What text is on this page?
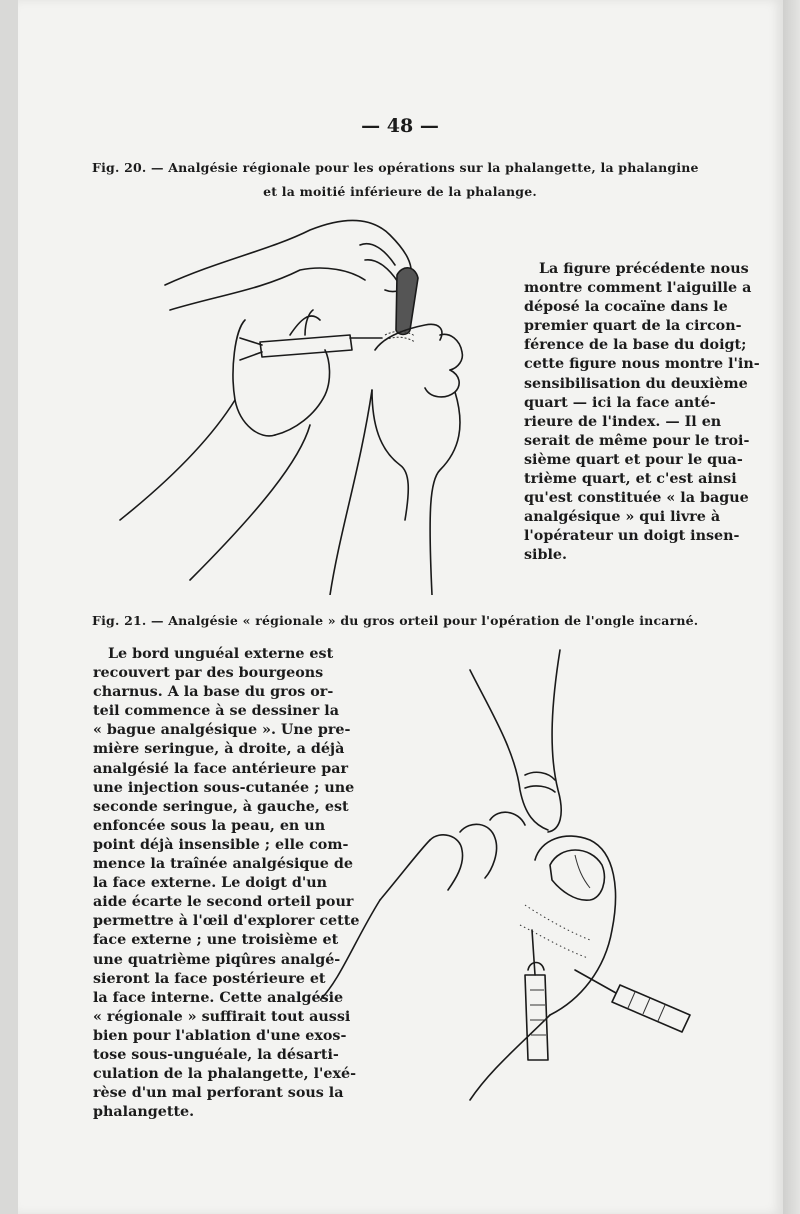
— 48 —
Fig. 20. — Analgésie régionale pour les opérations sur la phalangette, la phalangine
et la moitié inférieure de la phalange.
La figure précédente nous
montre comment l'aiguille a
déposé la cocaïne dans le
premier quart de la circon-
férence de la base du doigt;
cette figure nous montre l'in-
sensibilisation du deuxième
quart — ici la face anté-
rieure de l'index. — Il en
serait de même pour le troi-
sième quart et pour le qua-
trième quart, et c'est ainsi
qu'est constituée « la bague
analgésique » qui livre à
l'opérateur un doigt insen-
sible.
Fig. 21. — Analgésie « régionale » du gros orteil pour l'opération de l'ongle incarné.
Le bord unguéal externe est
recouvert par des bourgeons
charnus. A la base du gros or-
teil commence à se dessiner la
« bague analgésique ». Une pre-
mière seringue, à droite, a déjà
analgésié la face antérieure par
une injection sous-cutanée ; une
seconde seringue, à gauche, est
enfoncée sous la peau, en un
point déjà insensible ; elle com-
mence la traînée analgésique de
la face externe. Le doigt d'un
aide écarte le second orteil pour
permettre à l'œil d'explorer cette
face externe ; une troisième et
une quatrième piqûres analgé-
sieront la face postérieure et
la face interne. Cette analgésie
« régionale » suffirait tout aussi
bien pour l'ablation d'une exos-
tose sous-unguéale, la désarti-
culation de la phalangette, l'exé-
rèse d'un mal perforant sous la
phalangette.
